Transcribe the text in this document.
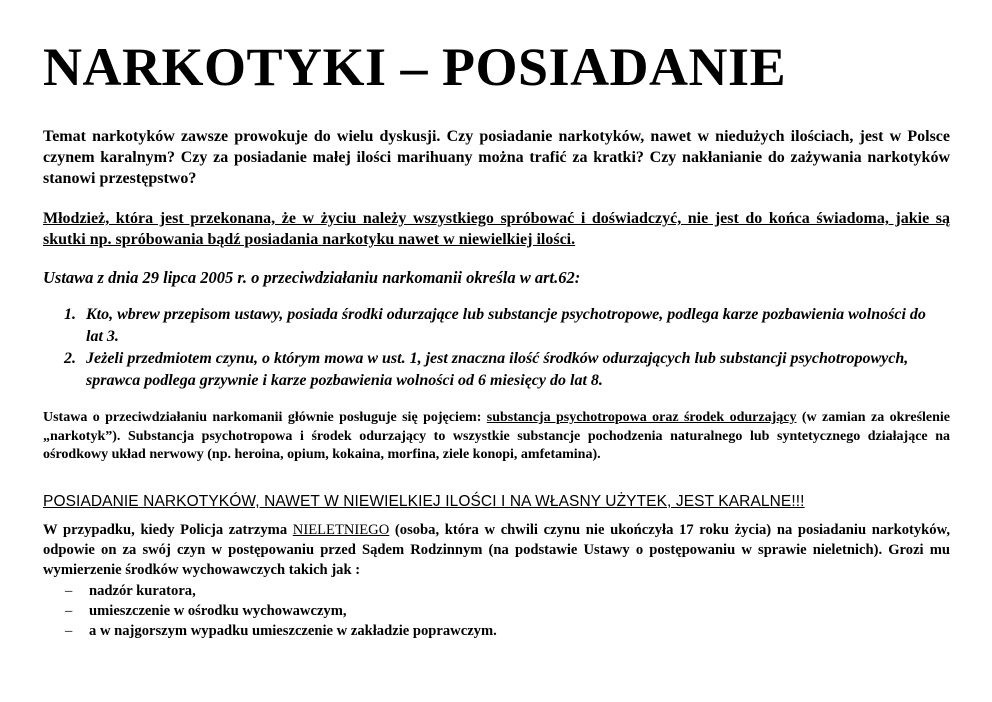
NARKOTYKI – POSIADANIE

Temat narkotyków zawsze prowokuje do wielu dyskusji. Czy posiadanie narkotyków, nawet w niedużych ilościach, jest w Polsce czynem karalnym? Czy za posiadanie małej ilości marihuany można trafić za kratki? Czy nakłanianie do zażywania narkotyków stanowi przestępstwo?

Młodzież, która jest przekonana, że w życiu należy wszystkiego spróbować i doświadczyć, nie jest do końca świadoma, jakie są skutki np. spróbowania bądź posiadania narkotyku nawet w niewielkiej ilości.

Ustawa z dnia 29 lipca 2005 r. o przeciwdziałaniu narkomanii określa w art.62:

1. Kto, wbrew przepisom ustawy, posiada środki odurzające lub substancje psychotropowe, podlega karze pozbawienia wolności do lat 3.
2. Jeżeli przedmiotem czynu, o którym mowa w ust. 1, jest znaczna ilość środków odurzających lub substancji psychotropowych, sprawca podlega grzywnie i karze pozbawienia wolności od 6 miesięcy do lat 8.

Ustawa o przeciwdziałaniu narkomanii głównie posługuje się pojęciem: substancja psychotropowa oraz środek odurzający (w zamian za określenie „narkotyk”). Substancja psychotropowa i środek odurzający to wszystkie substancje pochodzenia naturalnego lub syntetycznego działające na ośrodkowy układ nerwowy (np. heroina, opium, kokaina, morfina, ziele konopi, amfetamina).

POSIADANIE NARKOTYKÓW, NAWET W NIEWIELKIEJ ILOŚCI I NA WŁASNY UŻYTEK, JEST KARALNE!!!

W przypadku, kiedy Policja zatrzyma NIELETNIEGO (osoba, która w chwili czynu nie ukończyła 17 roku życia) na posiadaniu narkotyków, odpowie on za swój czyn w postępowaniu przed Sądem Rodzinnym (na podstawie Ustawy o postępowaniu w sprawie nieletnich). Grozi mu wymierzenie środków wychowawczych takich jak :

– nadzór kuratora,
– umieszczenie w ośrodku wychowawczym,
– a w najgorszym wypadku umieszczenie w zakładzie poprawczym.
